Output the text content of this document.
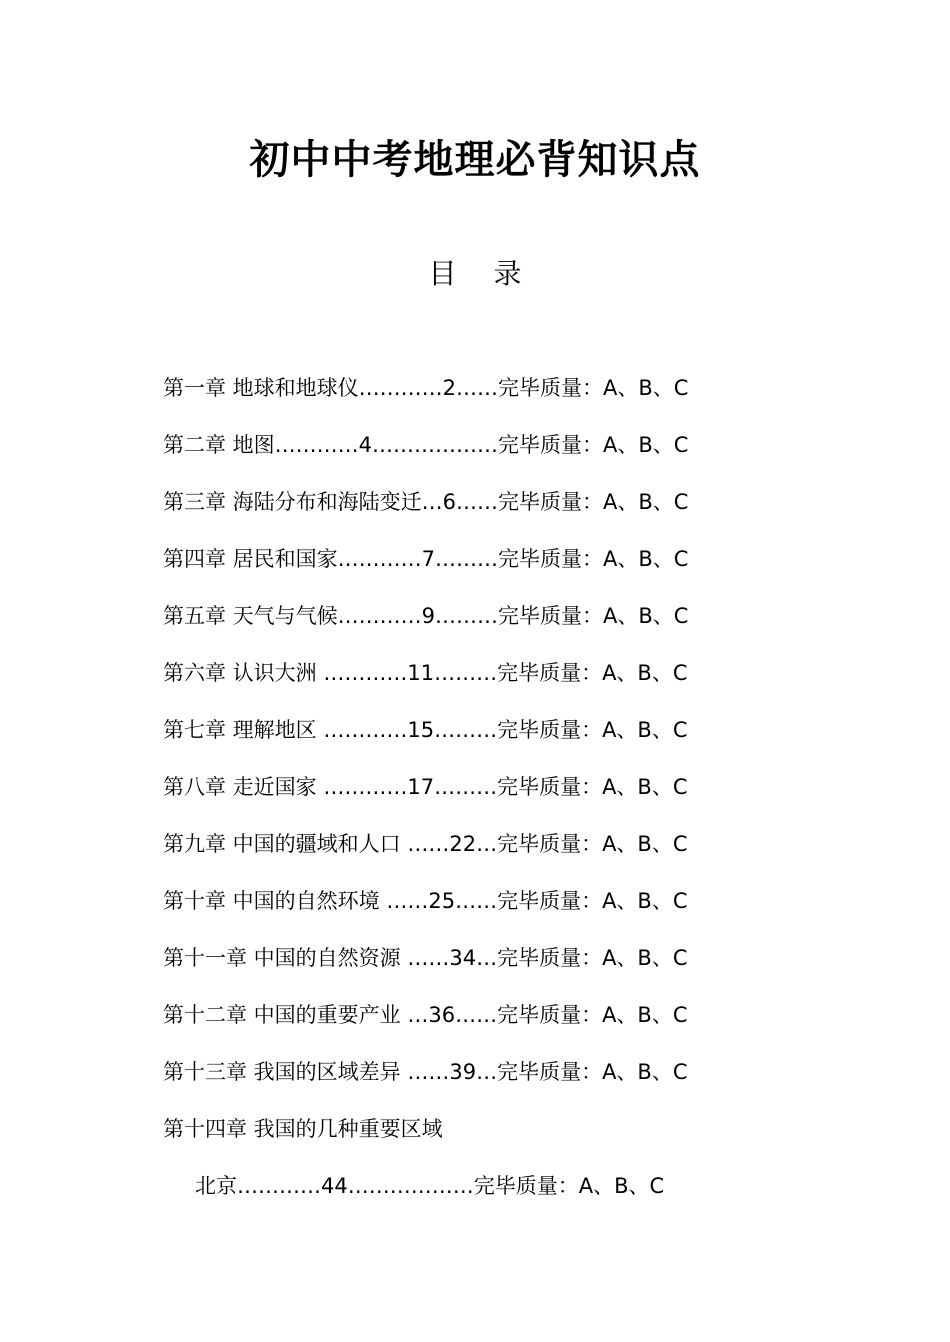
初中中考地理必背知识点
目 录
第一章 地球和地球仪…………2……完毕质量：A、B、C
第二章 地图…………4………………完毕质量：A、B、C
第三章 海陆分布和海陆变迁…6……完毕质量：A、B、C
第四章 居民和国家…………7………完毕质量：A、B、C
第五章 天气与气候…………9………完毕质量：A、B、C
第六章 认识大洲 …………11………完毕质量：A、B、C
第七章 理解地区 …………15………完毕质量：A、B、C
第八章 走近国家 …………17………完毕质量：A、B、C
第九章 中国的疆域和人口 ……22…完毕质量：A、B、C
第十章 中国的自然环境 ……25……完毕质量：A、B、C
第十一章 中国的自然资源 ……34…完毕质量：A、B、C
第十二章 中国的重要产业 …36……完毕质量：A、B、C
第十三章 我国的区域差异 ……39…完毕质量：A、B、C
第十四章 我国的几种重要区域
北京…………44………………完毕质量：A、B、C
